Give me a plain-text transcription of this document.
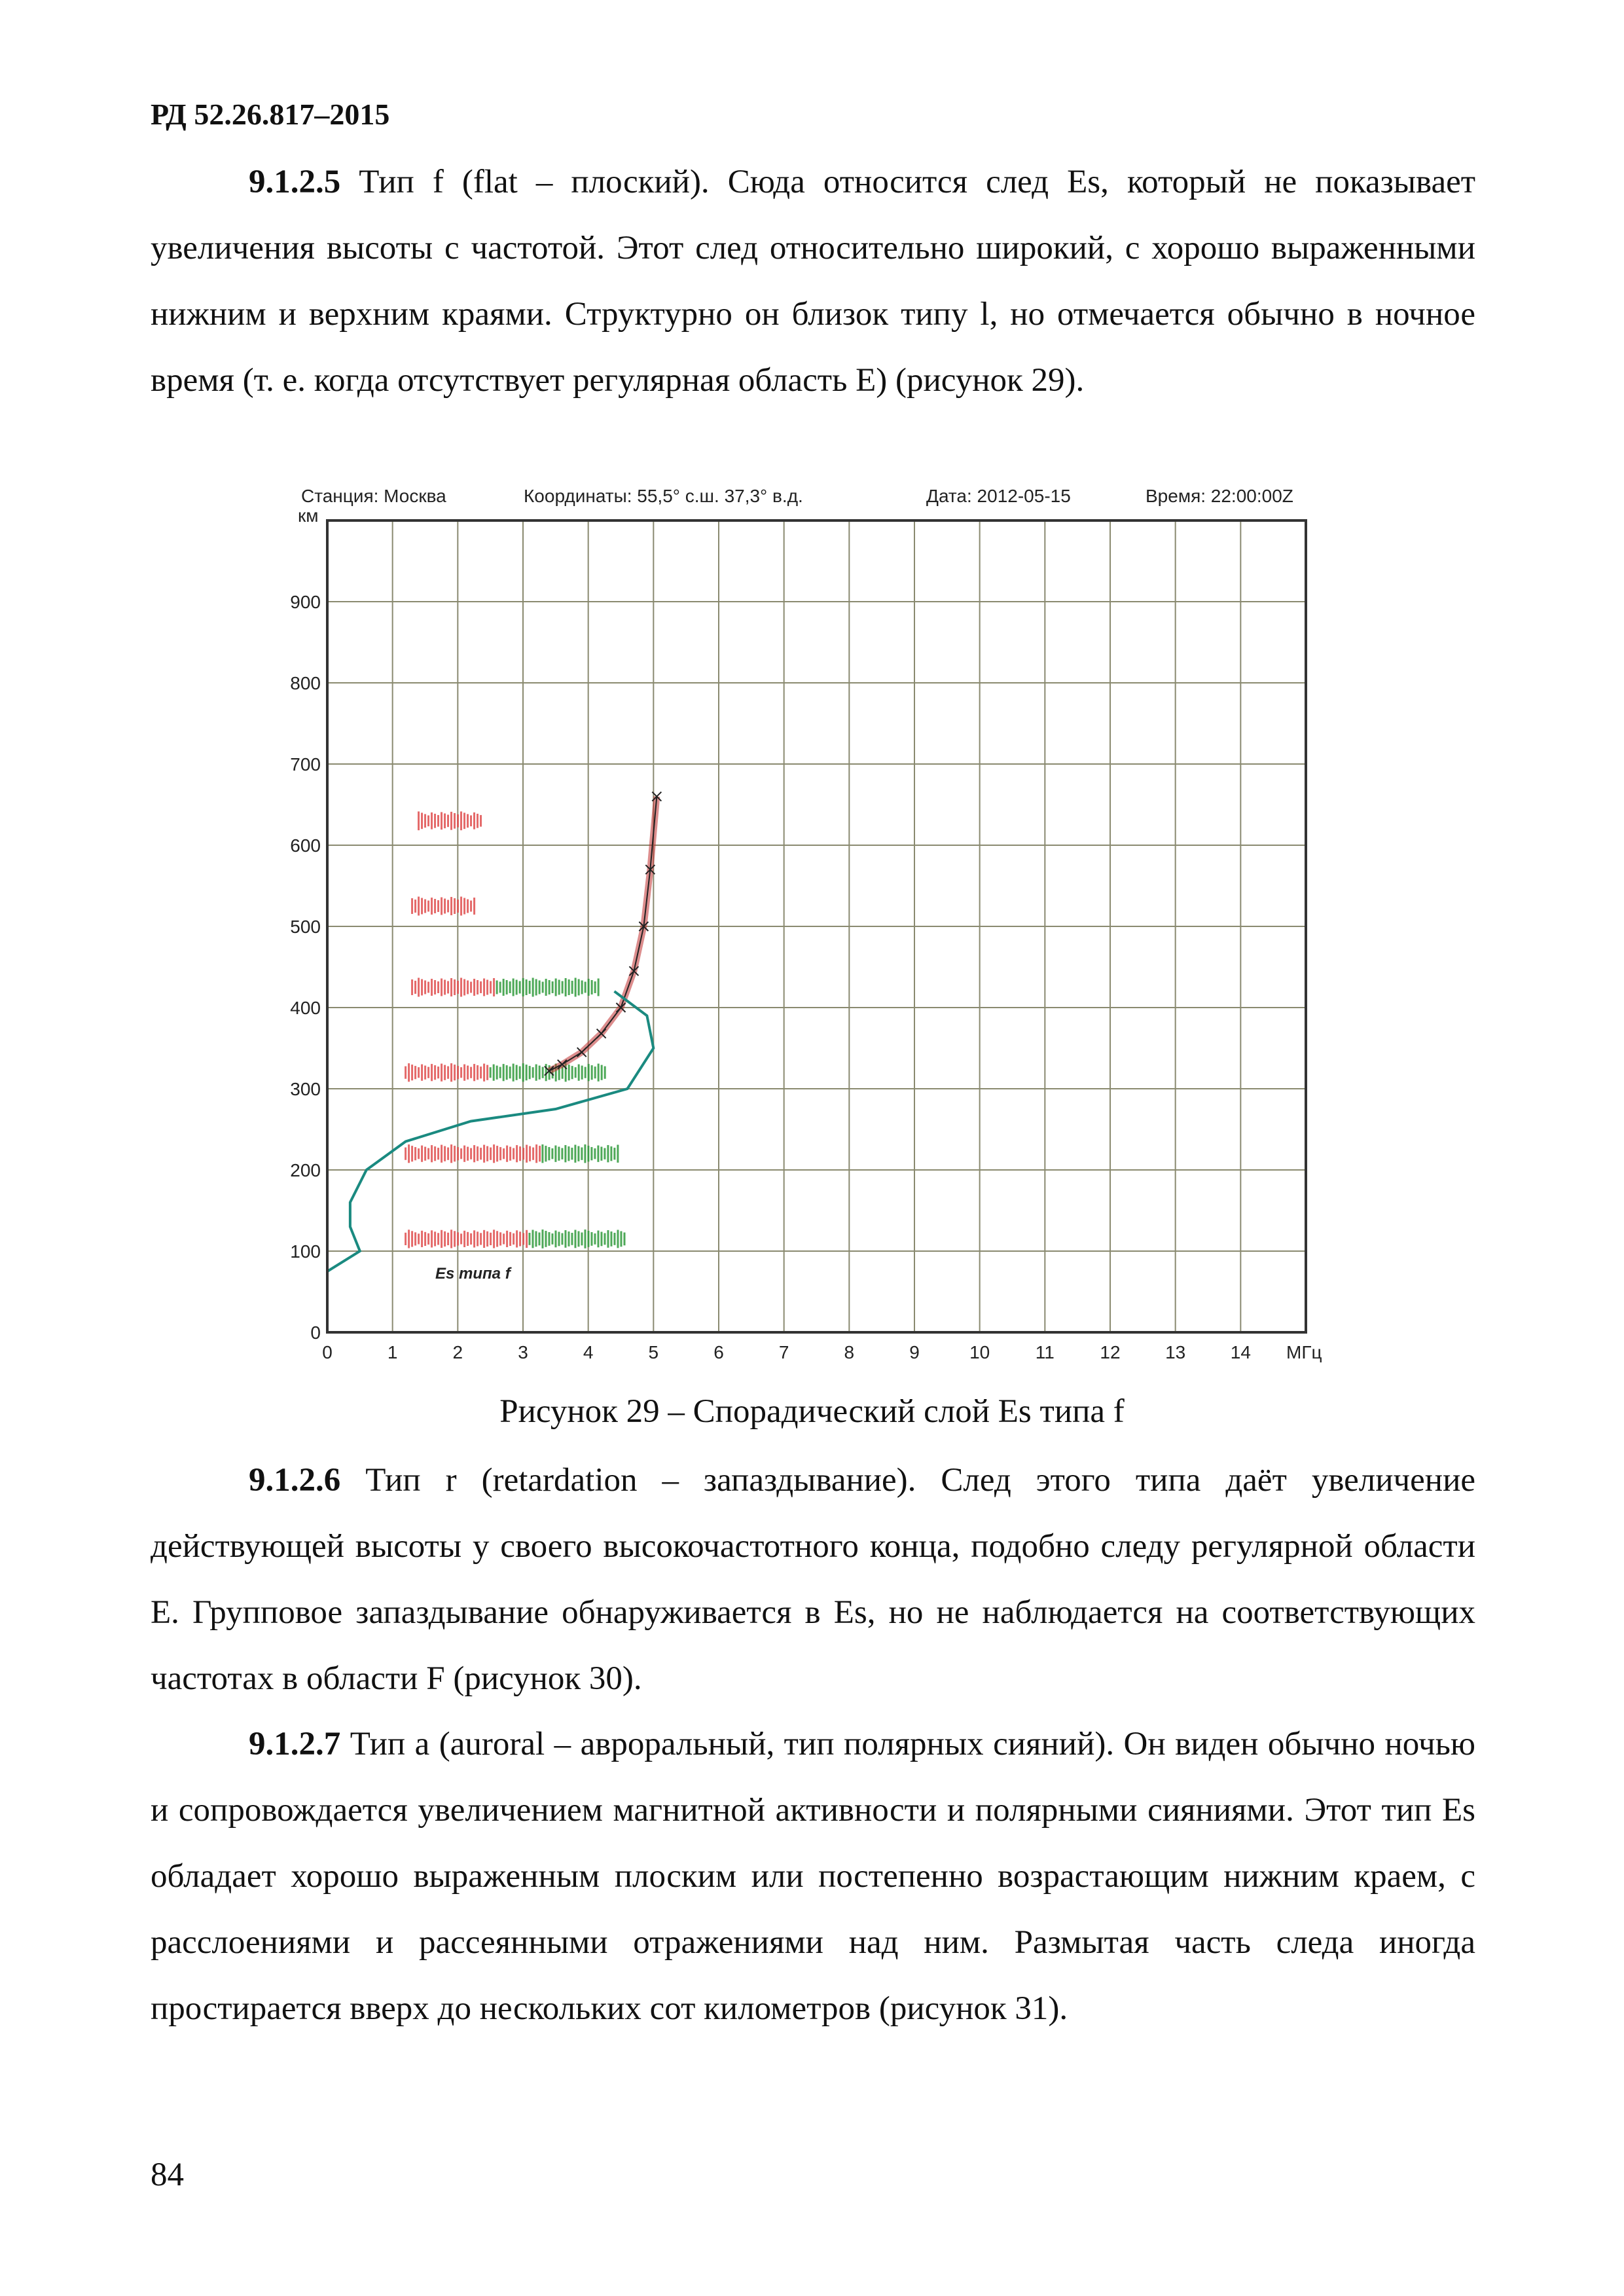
РД 52.26.817–2015

9.1.2.5 Тип f (flat – плоский). Сюда относится след Es, который не показывает увеличения высоты с частотой. Этот след относительно широкий, с хорошо выраженными нижним и верхним краями. Структурно он близок типу l, но отмечается обычно в ночное время (т. е. когда отсутствует регулярная область E) (рисунок 29).

Станция: Москва	Координаты: 55,5° с.ш. 37,3° в.д.	Дата: 2012-05-15	Время: 22:00:00Z
км
МГц
0	1	2	3	4	5	6	7	8	9	10 11 12 13 14
0
100
200
300
400
500
600
700
800
900
Es типа f
Рисунок 29 – Спорадический слой Es типа f

9.1.2.6 Тип r (retardation – запаздывание). След этого типа даёт увеличение действующей высоты у своего высокочастотного конца, подобно следу регулярной области E. Групповое запаздывание обнаруживается в Es, но не наблюдается на соответствующих частотах в области F (рисунок 30).

9.1.2.7 Тип a (auroral – авроральный, тип полярных сияний). Он виден обычно ночью и сопровождается увеличением магнитной активности и полярными сияниями. Этот тип Es обладает хорошо выраженным плоским или постепенно возрастающим нижним краем, с расслоениями и рассеянными отражениями над ним. Размытая часть следа иногда простирается вверх до нескольких сот километров (рисунок 31).

84
